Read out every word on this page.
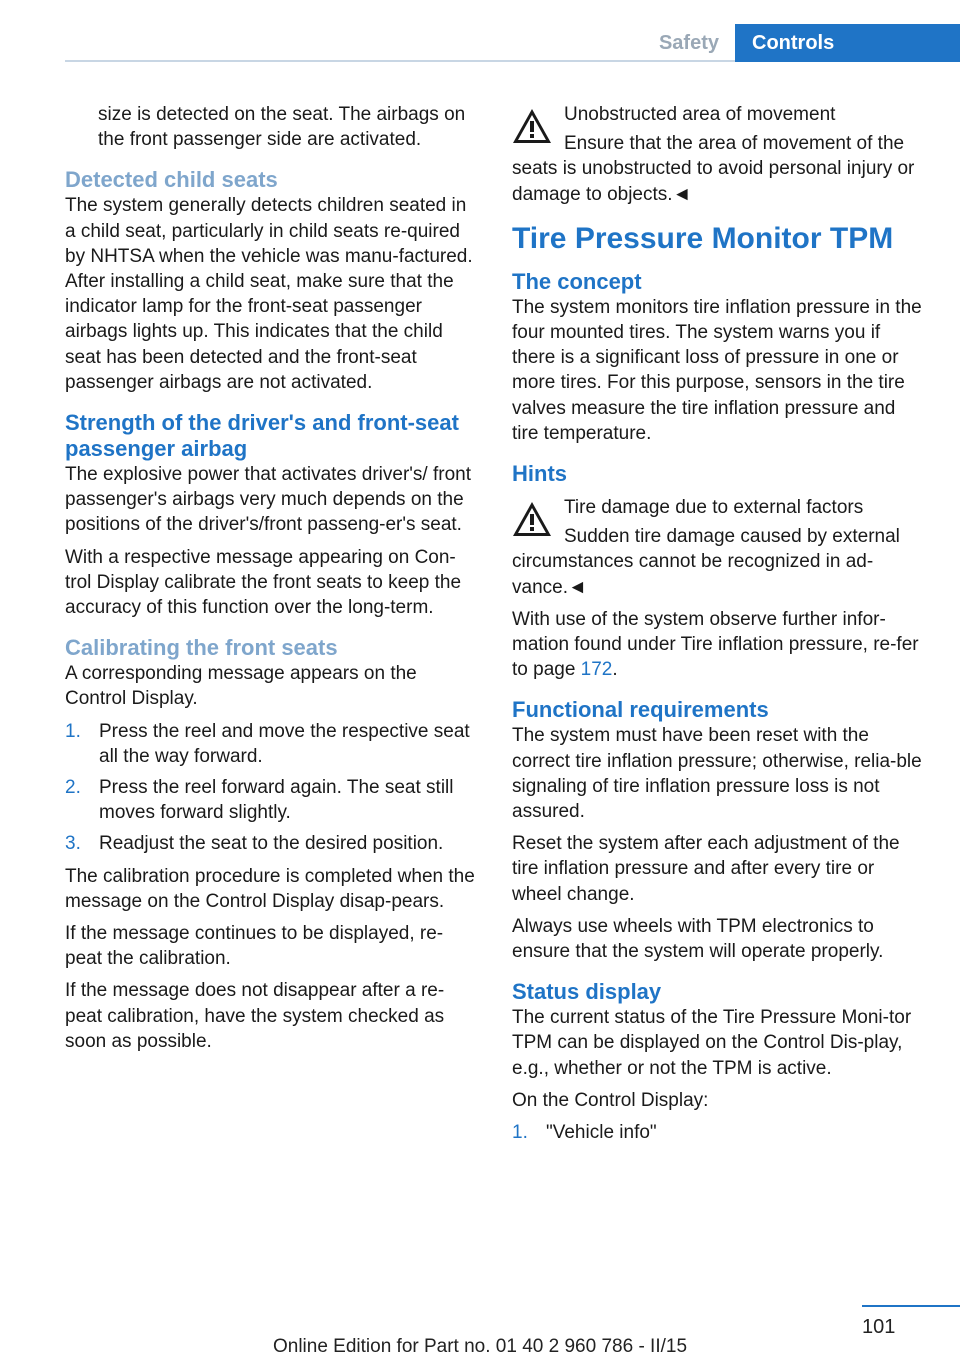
Safety	Controls

size is detected on the seat. The airbags on the front passenger side are activated.

Detected child seats

The system generally detects children seated in a child seat, particularly in child seats re-quired by NHTSA when the vehicle was manu-factured. After installing a child seat, make sure that the indicator lamp for the front-seat passenger airbags lights up. This indicates that the child seat has been detected and the front-seat passenger airbags are not activated.

Strength of the driver's and front-seat passenger airbag

The explosive power that activates driver's/ front passenger's airbags very much depends on the positions of the driver's/front passeng-er's seat.

With a respective message appearing on Con-trol Display calibrate the front seats to keep the accuracy of this function over the long-term.

Calibrating the front seats

A corresponding message appears on the Control Display.

1. Press the reel and move the respective seat all the way forward.
2. Press the reel forward again. The seat still moves forward slightly.
3. Readjust the seat to the desired position.

The calibration procedure is completed when the message on the Control Display disap-pears.

If the message continues to be displayed, re-peat the calibration.

If the message does not disappear after a re-peat calibration, have the system checked as soon as possible.

Unobstructed area of movement

Ensure that the area of movement of the

seats is unobstructed to avoid personal injury or damage to objects.◄

Tire Pressure Monitor TPM
The concept

The system monitors tire inflation pressure in the four mounted tires. The system warns you if there is a significant loss of pressure in one or more tires. For this purpose, sensors in the tire valves measure the tire inflation pressure and tire temperature.

Hints

Tire damage due to external factors

Sudden tire damage caused by external

circumstances cannot be recognized in ad-vance.◄

With use of the system observe further infor-mation found under Tire inflation pressure, re-fer to page 172.

Functional requirements

The system must have been reset with the correct tire inflation pressure; otherwise, relia-ble signaling of tire inflation pressure loss is not assured.

Reset the system after each adjustment of the tire inflation pressure and after every tire or wheel change.

Always use wheels with TPM electronics to ensure that the system will operate properly.

Status display

The current status of the Tire Pressure Moni-tor TPM can be displayed on the Control Dis-play, e.g., whether or not the TPM is active.

On the Control Display:

1. "Vehicle info"
101
Online Edition for Part no. 01 40 2 960 786 - II/15
